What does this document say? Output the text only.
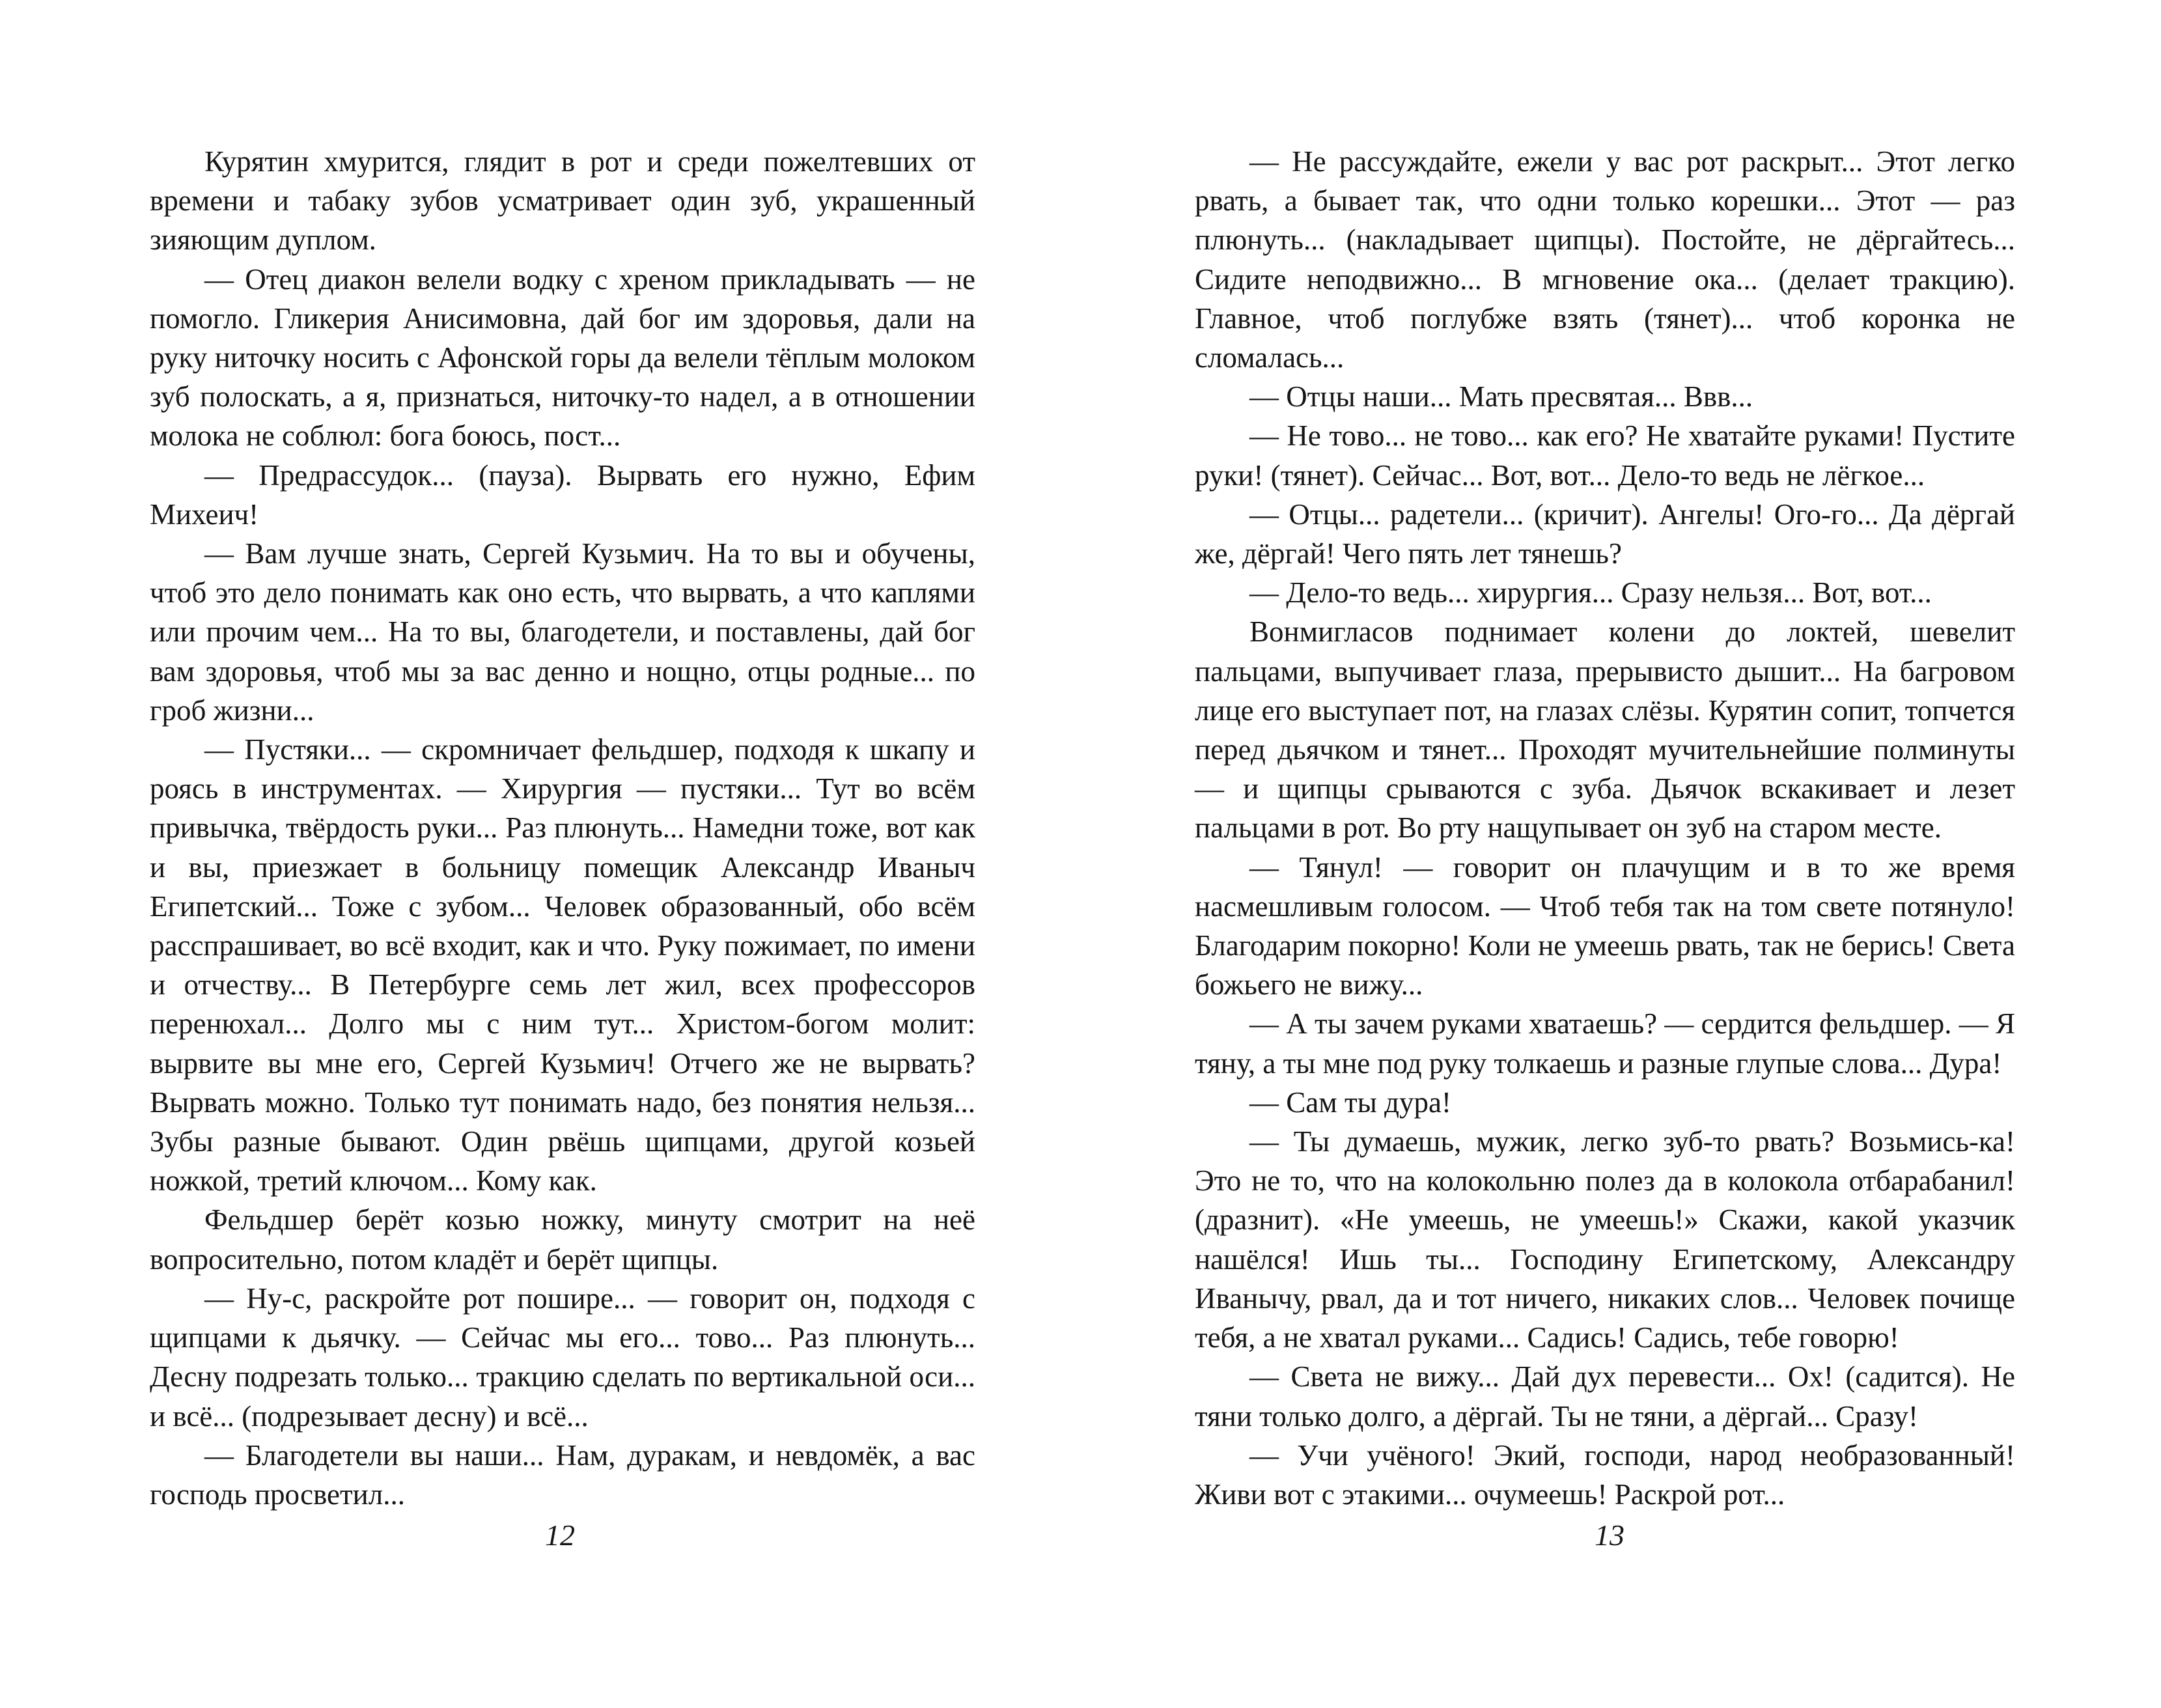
Курятин хмурится, глядит в рот и среди пожелтевших от времени и табаку зубов усматривает один зуб, украшенный зияющим дуплом.

— Отец диакон велели водку с хреном прикладывать — не помогло. Гликерия Анисимовна, дай бог им здоровья, дали на руку ниточку носить с Афонской горы да велели тёплым молоком зуб полоскать, а я, признаться, ниточку-то надел, а в отношении молока не соблюл: бога боюсь, пост...

— Предрассудок... (пауза). Вырвать его нужно, Ефим Михеич!

— Вам лучше знать, Сергей Кузьмич. На то вы и обучены, чтоб это дело понимать как оно есть, что вырвать, а что каплями или прочим чем... На то вы, благодетели, и поставлены, дай бог вам здоровья, чтоб мы за вас денно и нощно, отцы родные... по гроб жизни...

— Пустяки... — скромничает фельдшер, подходя к шкапу и роясь в инструментах. — Хирургия — пустяки... Тут во всём привычка, твёрдость руки... Раз плюнуть... Намедни тоже, вот как и вы, приезжает в больницу помещик Александр Иваныч Египетский... Тоже с зубом... Человек образованный, обо всём расспрашивает, во всё входит, как и что. Руку пожимает, по имени и отчеству... В Петербурге семь лет жил, всех профессоров перенюхал... Долго мы с ним тут... Христом-богом молит: вырвите вы мне его, Сергей Кузьмич! Отчего же не вырвать? Вырвать можно. Только тут понимать надо, без понятия нельзя... Зубы разные бывают. Один рвёшь щипцами, другой козьей ножкой, третий ключом... Кому как.

Фельдшер берёт козью ножку, минуту смотрит на неё вопросительно, потом кладёт и берёт щипцы.

— Ну-с, раскройте рот пошире... — говорит он, подходя с щипцами к дьячку. — Сейчас мы его... тово... Раз плюнуть... Десну подрезать только... тракцию сделать по вертикальной оси... и всё... (подрезывает десну) и всё...

— Благодетели вы наши... Нам, дуракам, и невдомёк, а вас господь просветил...

12

— Не рассуждайте, ежели у вас рот раскрыт... Этот легко рвать, а бывает так, что одни только корешки... Этот — раз плюнуть... (накладывает щипцы). Постойте, не дёргайтесь... Сидите неподвижно... В мгновение ока... (делает тракцию). Главное, чтоб поглубже взять (тянет)... чтоб коронка не сломалась...

— Отцы наши... Мать пресвятая... Ввв...

— Не тово... не тово... как его? Не хватайте руками! Пустите руки! (тянет). Сейчас... Вот, вот... Дело-то ведь не лёгкое...

— Отцы... радетели... (кричит). Ангелы! Ого-го... Да дёргай же, дёргай! Чего пять лет тянешь?

— Дело-то ведь... хирургия... Сразу нельзя... Вот, вот...

Вонмигласов поднимает колени до локтей, шевелит пальцами, выпучивает глаза, прерывисто дышит... На багровом лице его выступает пот, на глазах слёзы. Курятин сопит, топчется перед дьячком и тянет... Проходят мучительнейшие полминуты — и щипцы срываются с зуба. Дьячок вскакивает и лезет пальцами в рот. Во рту нащупывает он зуб на старом месте.

— Тянул! — говорит он плачущим и в то же время насмешливым голосом. — Чтоб тебя так на том свете потянуло! Благодарим покорно! Коли не умеешь рвать, так не берись! Света божьего не вижу...

— А ты зачем руками хватаешь? — сердится фельдшер. — Я тяну, а ты мне под руку толкаешь и разные глупые слова... Дура!

— Сам ты дура!

— Ты думаешь, мужик, легко зуб-то рвать? Возьмись-ка! Это не то, что на колокольню полез да в колокола отбарабанил! (дразнит). «Не умеешь, не умеешь!» Скажи, какой указчик нашёлся! Ишь ты... Господину Египетскому, Александру Иванычу, рвал, да и тот ничего, никаких слов... Человек почище тебя, а не хватал руками... Садись! Садись, тебе говорю!

— Света не вижу... Дай дух перевести... Ох! (садится). Не тяни только долго, а дёргай. Ты не тяни, а дёргай... Сразу!

— Учи учёного! Экий, господи, народ необразованный! Живи вот с этакими... очумеешь! Раскрой рот...

13
